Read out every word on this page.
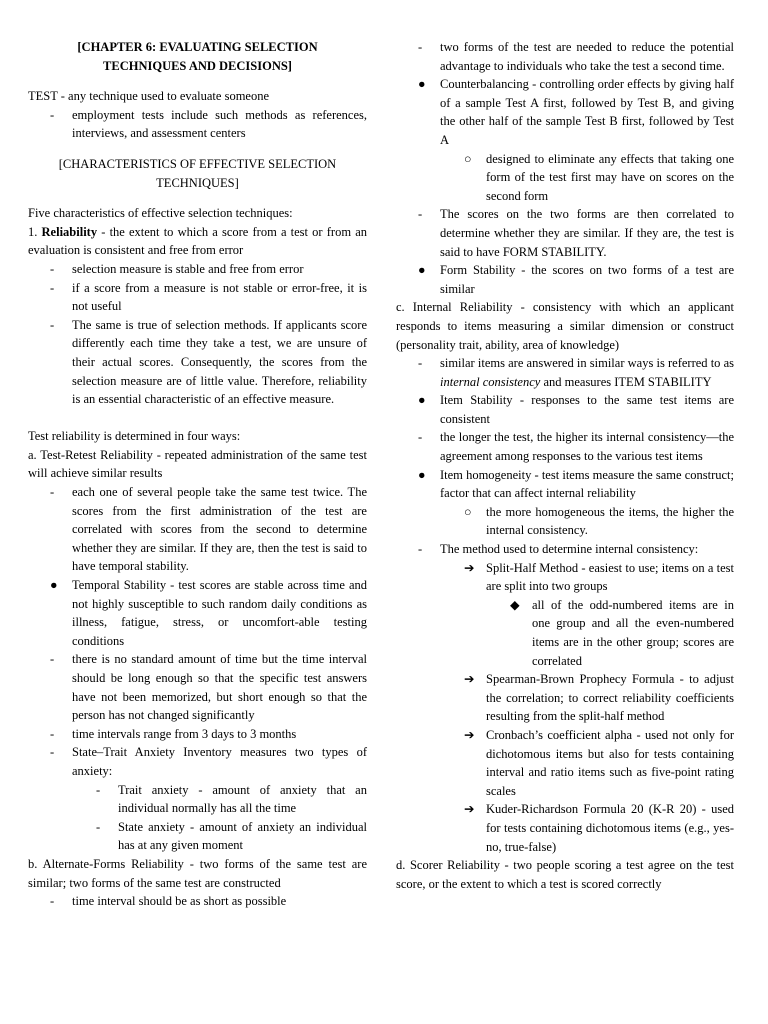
[CHAPTER 6: EVALUATING SELECTION TECHNIQUES AND DECISIONS]

TEST - any technique used to evaluate someone

- employment tests include such methods as references, interviews, and assessment centers

[CHARACTERISTICS OF EFFECTIVE SELECTION TECHNIQUES]

Five characteristics of effective selection techniques:

1. Reliability - the extent to which a score from a test or from an evaluation is consistent and free from error

- selection measure is stable and free from error
- if a score from a measure is not stable or error-free, it is not useful
- The same is true of selection methods. If applicants score differently each time they take a test, we are unsure of their actual scores. Consequently, the scores from the selection measure are of little value. Therefore, reliability is an essential characteristic of an effective measure.

Test reliability is determined in four ways:

a. Test-Retest Reliability - repeated administration of the same test will achieve similar results

- each one of several people take the same test twice. The scores from the first administration of the test are correlated with scores from the second to determine whether they are similar. If they are, then the test is said to have temporal stability.
● Temporal Stability - test scores are stable across time and not highly susceptible to such random daily conditions as illness, fatigue, stress, or uncomfort-able testing conditions
- there is no standard amount of time but the time interval should be long enough so that the specific test answers have not been memorized, but short enough so that the person has not changed significantly
- time intervals range from 3 days to 3 months
- State–Trait Anxiety Inventory measures two types of anxiety:
- Trait anxiety - amount of anxiety that an individual normally has all the time
- State anxiety - amount of anxiety an individual has at any given moment

b. Alternate-Forms Reliability - two forms of the same test are similar; two forms of the same test are constructed

- time interval should be as short as possible
- two forms of the test are needed to reduce the potential advantage to individuals who take the test a second time.
● Counterbalancing - controlling order effects by giving half of a sample Test A first, followed by Test B, and giving the other half of the sample Test B first, followed by Test A
○ designed to eliminate any effects that taking one form of the test first may have on scores on the second form
- The scores on the two forms are then correlated to determine whether they are similar. If they are, the test is said to have FORM STABILITY.
● Form Stability - the scores on two forms of a test are similar

c. Internal Reliability - consistency with which an applicant responds to items measuring a similar dimension or construct (personality trait, ability, area of knowledge)

- similar items are answered in similar ways is referred to as internal consistency and measures ITEM STABILITY
● Item Stability - responses to the same test items are consistent
- the longer the test, the higher its internal consistency—the agreement among responses to the various test items
● Item homogeneity - test items measure the same construct; factor that can affect internal reliability
○ the more homogeneous the items, the higher the internal consistency.
- The method used to determine internal consistency:
➔ Split-Half Method - easiest to use; items on a test are split into two groups
◆ all of the odd-numbered items are in one group and all the even-numbered items are in the other group; scores are correlated
➔ Spearman-Brown Prophecy Formula - to adjust the correlation; to correct reliability coefficients resulting from the split-half method
➔ Cronbach’s coefficient alpha - used not only for dichotomous items but also for tests containing interval and ratio items such as five-point rating scales
➔ Kuder-Richardson Formula 20 (K-R 20) - used for tests containing dichotomous items (e.g., yes-no, true-false)

d. Scorer Reliability - two people scoring a test agree on the test score, or the extent to which a test is scored correctly
